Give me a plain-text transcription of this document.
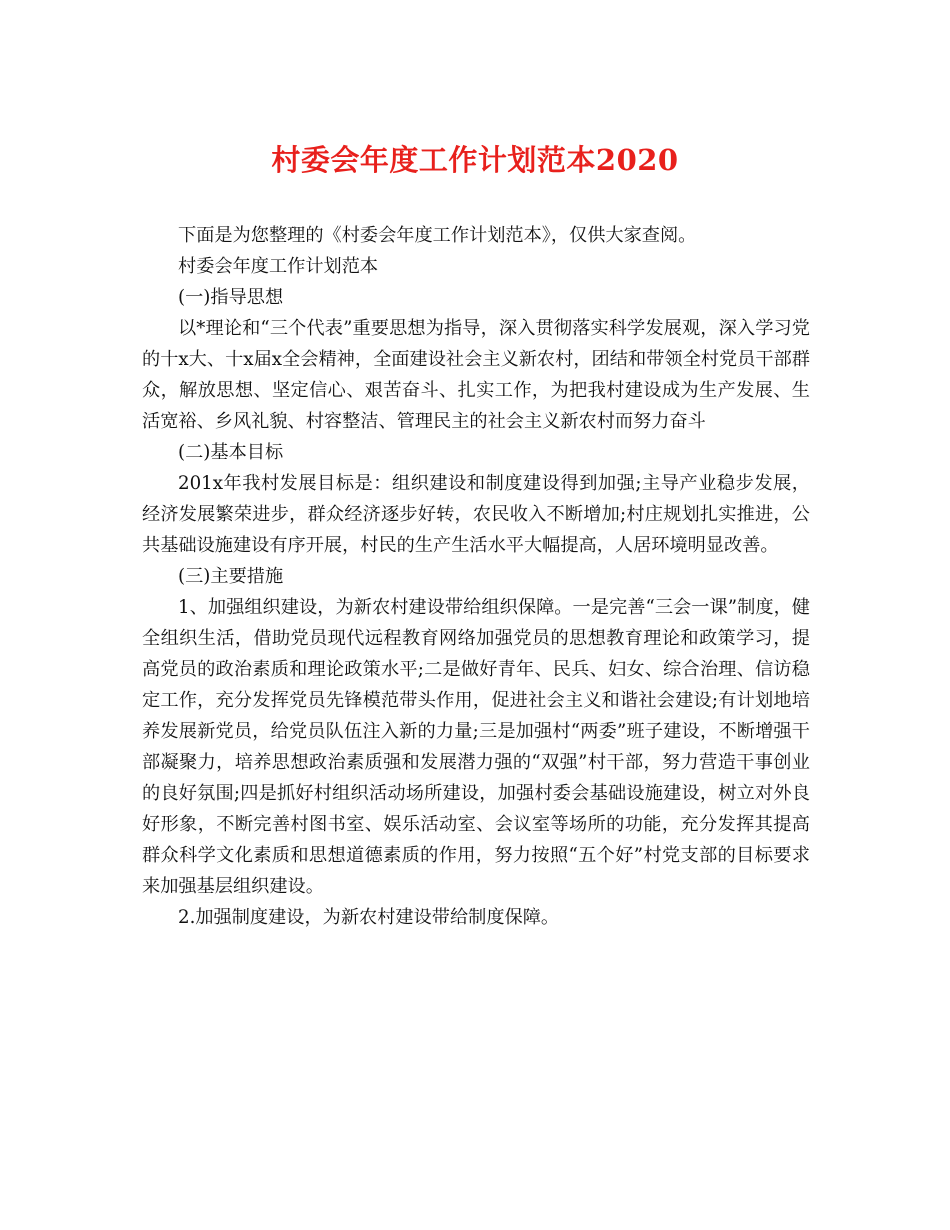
村委会年度工作计划范本2020

下面是为您整理的《村委会年度工作计划范本》，仅供大家查阅。

村委会年度工作计划范本

(一)指导思想

以*理论和“三个代表”重要思想为指导，深入贯彻落实科学发展观，深入学习党的十x大、十x届x全会精神，全面建设社会主义新农村，团结和带领全村党员干部群众，解放思想、坚定信心、艰苦奋斗、扎实工作，为把我村建设成为生产发展、生活宽裕、乡风礼貌、村容整洁、管理民主的社会主义新农村而努力奋斗

(二)基本目标

201x年我村发展目标是：组织建设和制度建设得到加强;主导产业稳步发展，经济发展繁荣进步，群众经济逐步好转，农民收入不断增加;村庄规划扎实推进，公共基础设施建设有序开展，村民的生产生活水平大幅提高，人居环境明显改善。

(三)主要措施

1、加强组织建设，为新农村建设带给组织保障。一是完善“三会一课”制度，健全组织生活，借助党员现代远程教育网络加强党员的思想教育理论和政策学习，提高党员的政治素质和理论政策水平;二是做好青年、民兵、妇女、综合治理、信访稳定工作，充分发挥党员先锋模范带头作用，促进社会主义和谐社会建设;有计划地培养发展新党员，给党员队伍注入新的力量;三是加强村“两委”班子建设，不断增强干部凝聚力，培养思想政治素质强和发展潜力强的“双强”村干部，努力营造干事创业的良好氛围;四是抓好村组织活动场所建设，加强村委会基础设施建设，树立对外良好形象，不断完善村图书室、娱乐活动室、会议室等场所的功能，充分发挥其提高群众科学文化素质和思想道德素质的作用，努力按照“五个好”村党支部的目标要求来加强基层组织建设。

2.加强制度建设，为新农村建设带给制度保障。
